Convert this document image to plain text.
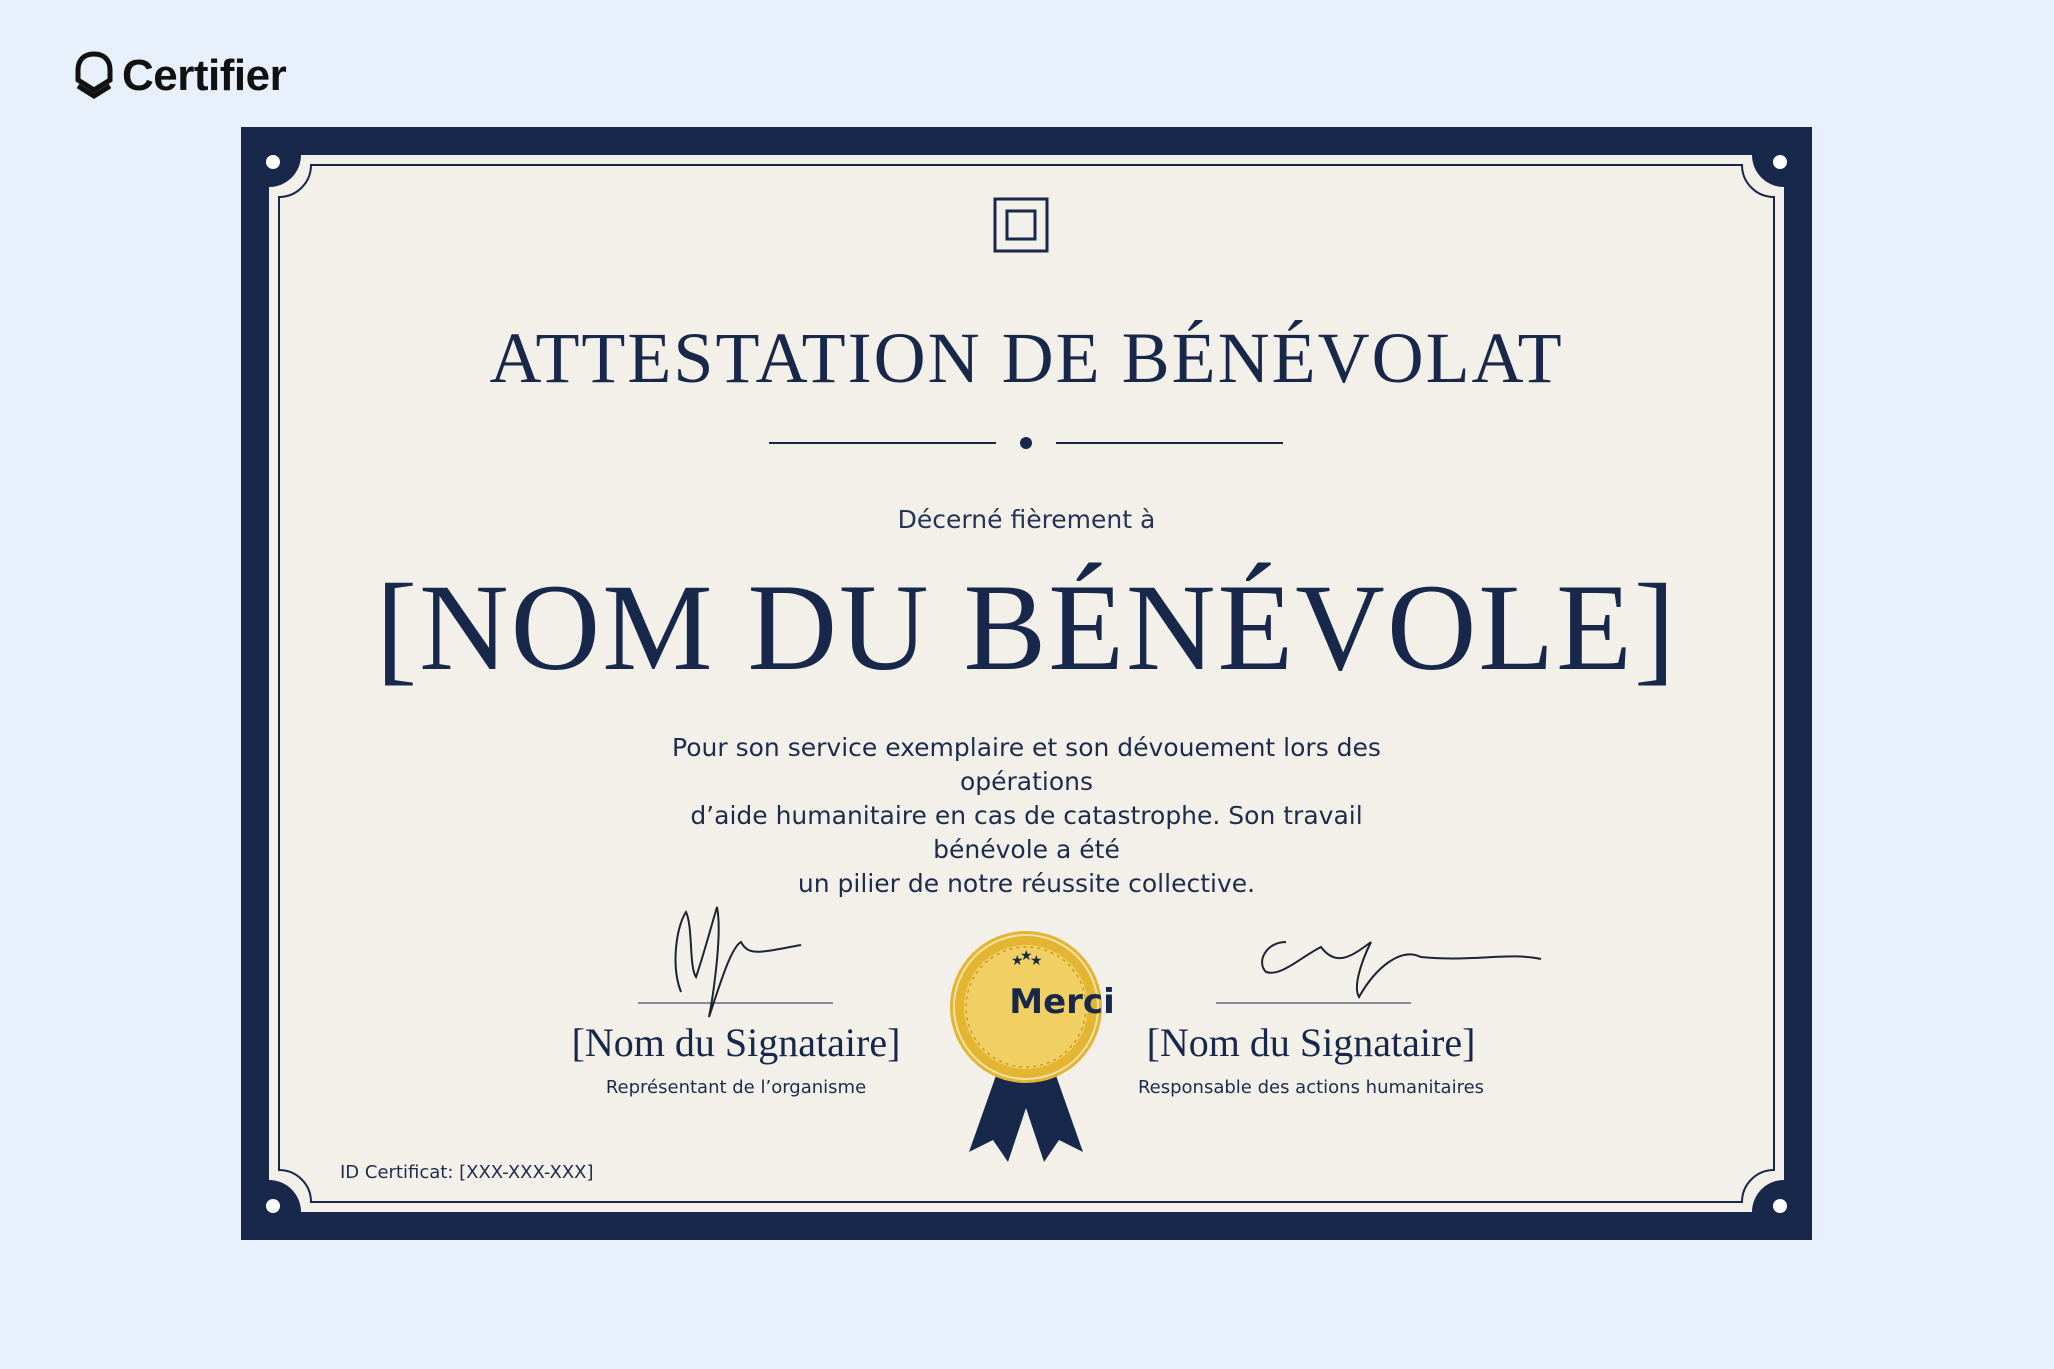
Certifier
★
★
★
ATTESTATION DE BÉNÉVOLAT
Décerné fièrement à
[NOM DU BÉNÉVOLE]
Pour son service exemplaire et son dévouement lors des opérations
d’aide humanitaire en cas de catastrophe. Son travail bénévole a été
un pilier de notre réussite collective.
Merci
[Nom du Signataire]
Représentant de l’organisme
[Nom du Signataire]
Responsable des actions humanitaires
ID Certificat: [XXX-XXX-XXX]
